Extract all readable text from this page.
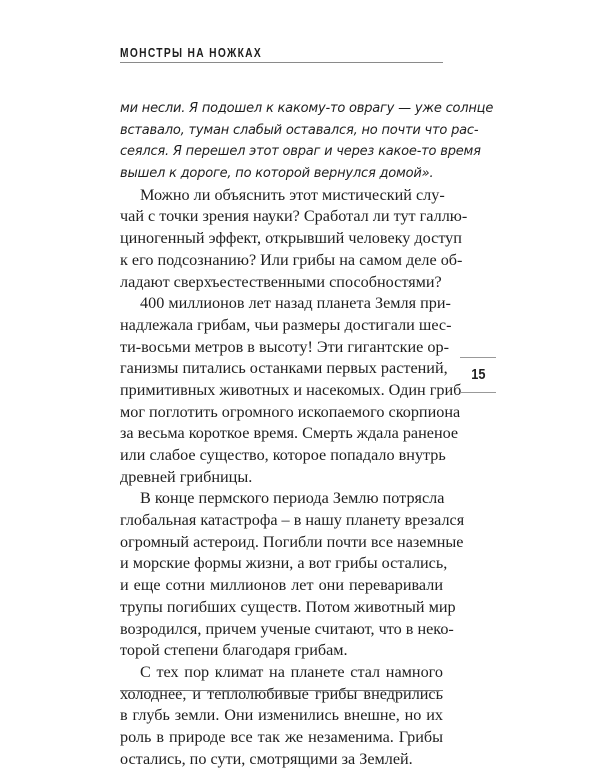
МОНСТРЫ НА НОЖКАХ
ми несли. Я подошел к какому-то оврагу — уже солнце
вставало, туман слабый оставался, но почти что рас-
сеялся. Я перешел этот овраг и через какое-то время
вышел к дороге, по которой вернулся домой».
Можно ли объяснить этот мистический слу-
чай с точки зрения науки? Сработал ли тут галлю-
циногенный эффект, открывший человеку доступ
к его подсознанию? Или грибы на самом деле об-
ладают сверхъестественными способностями?
400 миллионов лет назад планета Земля при-
надлежала грибам, чьи размеры достигали шес-
ти-восьми метров в высоту! Эти гигантские ор-
ганизмы питались останками первых растений,
примитивных животных и насекомых. Один гриб
мог поглотить огромного ископаемого скорпиона
за весьма короткое время. Смерть ждала раненое
или слабое существо, которое попадало внутрь
древней грибницы.
В конце пермского периода Землю потрясла
глобальная катастрофа – в нашу планету врезался
огромный астероид. Погибли почти все наземные
и морские формы жизни, а вот грибы остались,
и еще сотни миллионов лет они переваривали
трупы погибших существ. Потом животный мир
возродился, причем ученые считают, что в неко-
торой степени благодаря грибам.
С тех пор климат на планете стал намного
холоднее, и теплолюбивые грибы внедрились
в глубь земли. Они изменились внешне, но их
роль в природе все так же незаменима. Грибы
остались, по сути, смотрящими за Землей.
15
